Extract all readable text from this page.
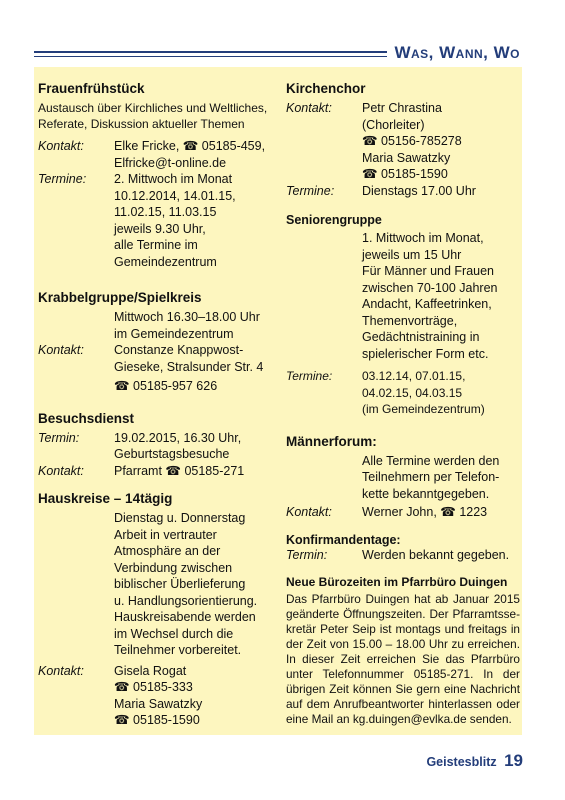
Was, Wann, Wo
Frauenfrühstück

Austausch über Kirchliches und Weltliches,
Referate, Diskussion aktueller Themen

Kontakt:	Elke Fricke, ☎ 05185-459,
Elfricke@t-online.de
Termine:	2. Mittwoch im Monat
10.12.2014, 14.01.15,
11.02.15, 11.03.15
jeweils 9.30 Uhr,
alle Termine im
Gemeindezentrum
Krabbelgruppe/Spielkreis
Mittwoch 16.30–18.00 Uhr
im Gemeindezentrum
Kontakt:	Constanze Knappwost-
Gieseke, Stralsunder Str. 4
☎ 05185-957 626
Besuchsdienst
Termin:	19.02.2015, 16.30 Uhr,
Geburtstagsbesuche
Kontakt:	Pfarramt ☎ 05185-271
Hauskreise – 14tägig
Dienstag u. Donnerstag
Arbeit in vertrauter
Atmosphäre an der
Verbindung zwischen
biblischer Überlieferung
u. Handlungsorientierung.
Hauskreisabende werden
im Wechsel durch die
Teilnehmer vorbereitet.
Kontakt:	Gisela Rogat
☎ 05185-333
Maria Sawatzky
☎ 05185-1590
Kirchenchor
Kontakt:	Petr Chrastina
(Chorleiter)
☎ 05156-785278
Maria Sawatzky
☎ 05185-1590
Termine:	Dienstags 17.00 Uhr
Seniorengruppe
1. Mittwoch im Monat,
jeweils um 15 Uhr
Für Männer und Frauen
zwischen 70-100 Jahren
Andacht, Kaffeetrinken,
Themenvorträge,
Gedächtnistraining in
spielerischer Form etc.
Termine:	03.12.14, 07.01.15,
04.02.15, 04.03.15
(im Gemeindezentrum)
Männerforum:
Alle Termine werden den
Teilnehmern per Telefon-
kette bekanntgegeben.
Kontakt:	Werner John, ☎ 1223
Konfirmandentage:
Termin:	Werden bekannt gegeben.
Neue Bürozeiten im Pfarrbüro Duingen

Das Pfarrbüro Duingen hat ab Januar 2015 geänderte Öffnungszeiten. Der Pfarramtssekretär Peter Seip ist montags und freitags in der Zeit von 15.00 – 18.00 Uhr zu erreichen. In dieser Zeit erreichen Sie das Pfarrbüro unter Telefonnummer 05185-271. In der übrigen Zeit können Sie gern eine Nachricht auf dem Anrufbeantworter hinterlassen oder eine Mail an kg.duingen@evlka.de senden.

Geistesblitz 19
